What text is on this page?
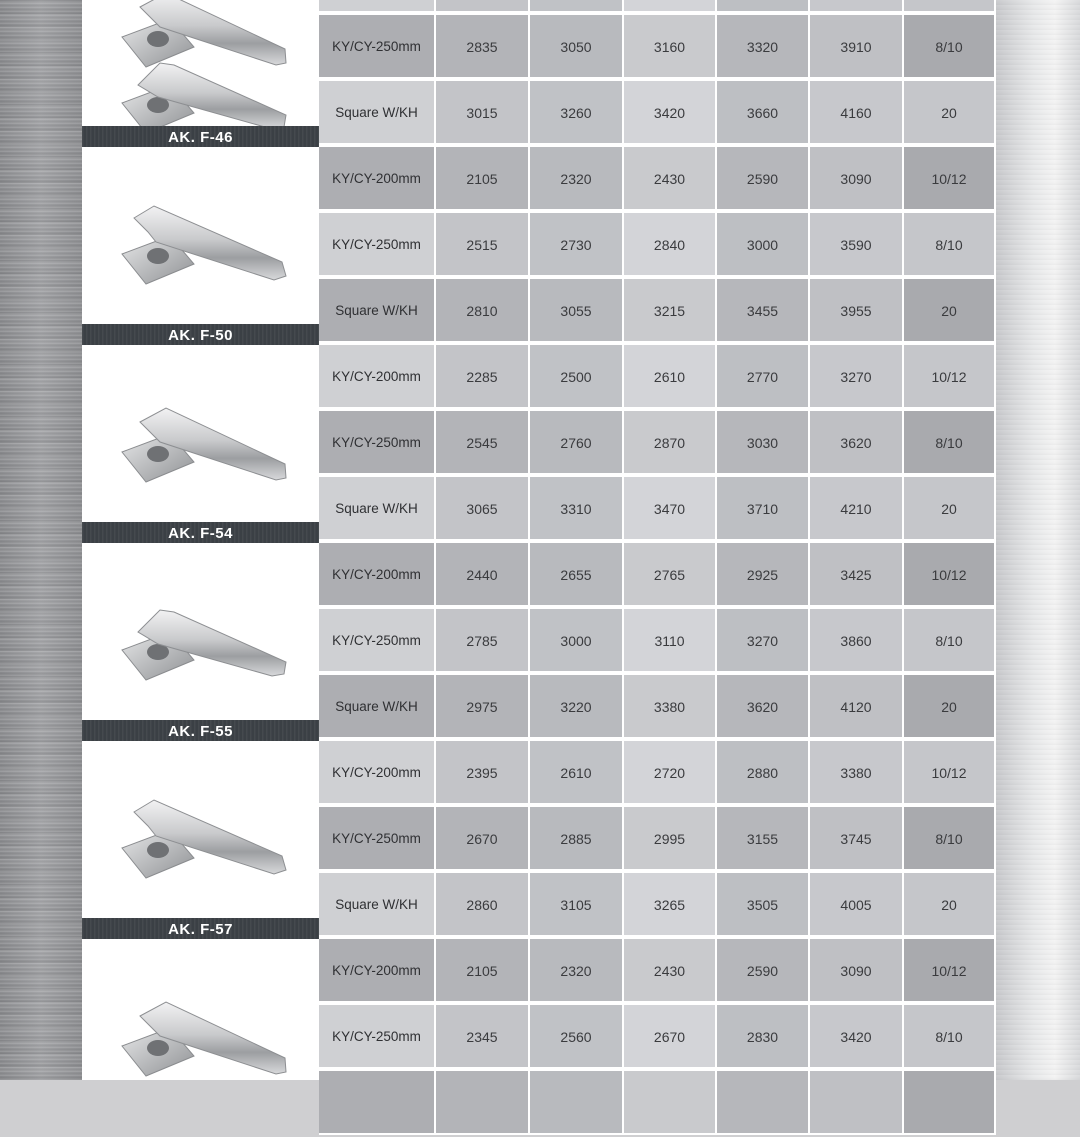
AK. F-46
AK. F-50
AK. F-54
AK. F-55
AK. F-57
KY/CY-250mm	2835	3050	3160	3320	3910	8/10
Square W/KH	3015	3260	3420	3660	4160	20
KY/CY-200mm	2105	2320	2430	2590	3090	10/12
KY/CY-250mm	2515	2730	2840	3000	3590	8/10
Square W/KH	2810	3055	3215	3455	3955	20
KY/CY-200mm	2285	2500	2610	2770	3270	10/12
KY/CY-250mm	2545	2760	2870	3030	3620	8/10
Square W/KH	3065	3310	3470	3710	4210	20
KY/CY-200mm	2440	2655	2765	2925	3425	10/12
KY/CY-250mm	2785	3000	3110	3270	3860	8/10
Square W/KH	2975	3220	3380	3620	4120	20
KY/CY-200mm	2395	2610	2720	2880	3380	10/12
KY/CY-250mm	2670	2885	2995	3155	3745	8/10
Square W/KH	2860	3105	3265	3505	4005	20
KY/CY-200mm	2105	2320	2430	2590	3090	10/12
KY/CY-250mm	2345	2560	2670	2830	3420	8/10
